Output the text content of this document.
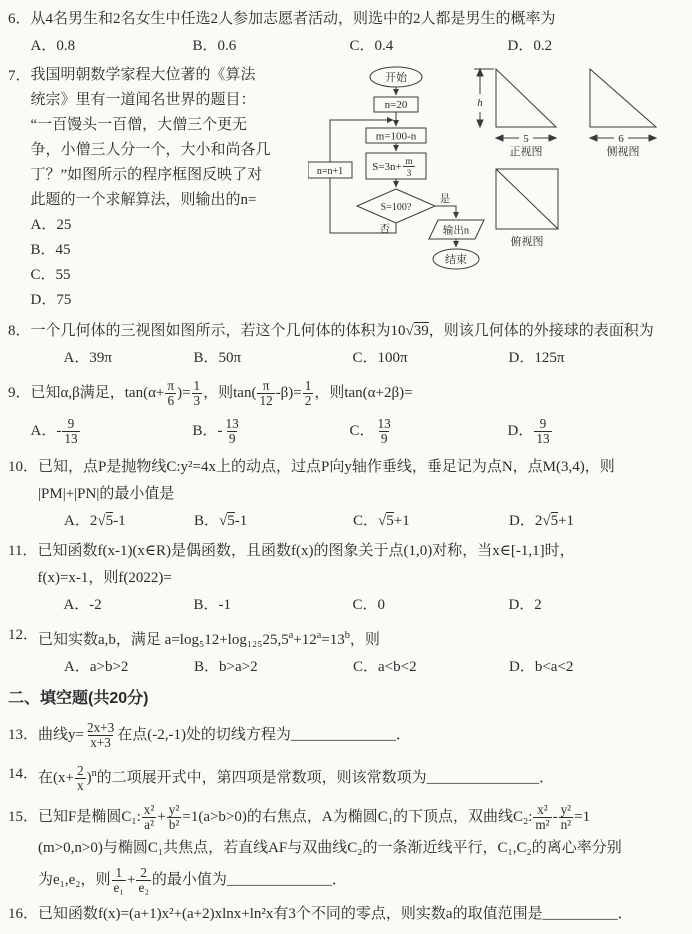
6． 从4名男生和2名女生中任选2人参加志愿者活动，则选中的2人都是男生的概率为
A．0.8	B．0.6	C．0.4	D．0.2
7． 我国明朝数学家程大位著的《算法
统宗》里有一道闻名世界的题目：
“一百馒头一百僧，大僧三个更无
争，小僧三人分一个，大小和尚各几
丁？”如图所示的程序框图反映了对
此题的一个求解算法，则输出的n=
A．25
B．45
C．55
D．75
开始
n=20
m=100-n
S=3n+ m
3
S=100?
是
否	输出n
结束
n=n+1
h
5
正视图
6
侧视图
俯视图
8． 一个几何体的三视图如图所示，若这个几何体的体积为10√39，则该几何体的外接球的表面积为
A．39π	B．50π	C．100π	D．125π
9． 已知α,β满足，$\tan(\alpha+ \frac{\pi}{6}$ )= $\frac{1}{3}$ ，则$\tan( \frac{\pi}{12} -\beta)= \frac{1}{2}$ ，则tan(α+2β)=
A．- $\frac{9}{13}$	B．- $\frac{13}{9}$	C． $\frac{13}{9}$	D． $\frac{9}{13}$
10． 已知，点P是抛物线C:y²=4x上的动点，过点P向y轴作垂线，垂足记为点N，点M(3,4)，则
|PM|+|PN|的最小值是
A．2√5-1	B．√5-1	C．√5+1	D．2√5+1
11． 已知函数f(x-1)(x∈R)是偶函数，且函数f(x)的图象关于点(1,0)对称，当x∈[-1,1]时，
f(x)=x-1，则f(2022)=
A．-2	B．-1	C．0	D．2
12． 已知实数a,b，满足 $a=\log_512+\log_{125}25,5^a+12^a=13^b$，则
A．a>b>2	B．b>a>2	C．a<b<2	D．b<a<2
二、填空题(共20分)
13． 曲线$y= \frac{2x+3}{x+3}$ 在点(-2,-1)处的切线方程为______________．
14． 在$(x+ \frac{2}{x} )^n$的二项展开式中，第四项是常数项，则该常数项为_______________．
15． 已知F是椭圆C₁: $\frac{\text{x²}}{\text{a²}} + \frac{\text{y²}}{\text{b²}} =1(a>b>0)$的右焦点，A为椭圆C₁的下顶点，双曲线C₂: $\frac{\text{x²}}{\text{m²}} - \frac{\text{y²}}{\text{n²}} =1$
(m>0,n>0)与椭圆C₁共焦点，若直线AF与双曲线C₂的一条渐近线平行，C₁,C₂的离心率分别
为e₁,e₂，则 $\frac{1}{\text{e₁}} + \frac{2}{\text{e₂}}$ 的最小值为______________．
16． 已知函数f(x)=(a+1)x²+(a+2)xlnx+ln²x有3个不同的零点，则实数a的取值范围是__________．
